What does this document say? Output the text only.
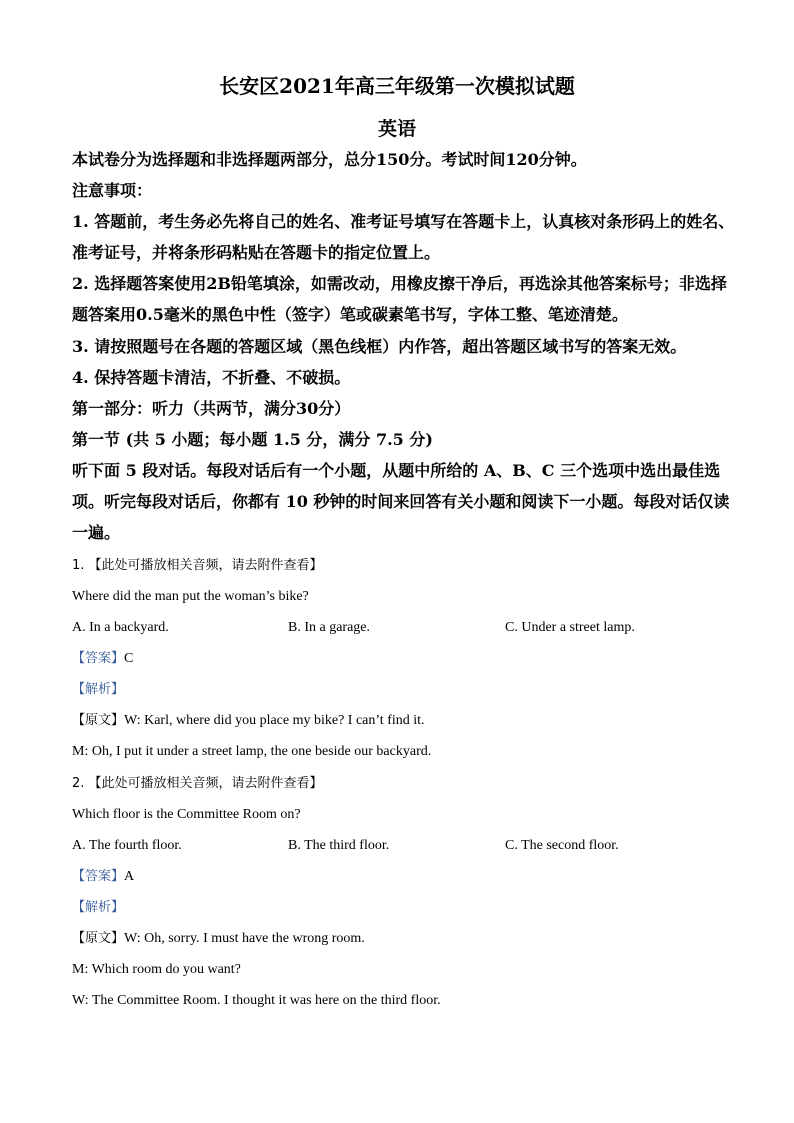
长安区2021年高三年级第一次模拟试题
英语
本试卷分为选择题和非选择题两部分，总分150分。考试时间120分钟。
注意事项：
1. 答题前，考生务必先将自己的姓名、准考证号填写在答题卡上，认真核对条形码上的姓名、
准考证号，并将条形码粘贴在答题卡的指定位置上。
2. 选择题答案使用2B铅笔填涂，如需改动，用橡皮擦干净后，再选涂其他答案标号；非选择
题答案用0.5毫米的黑色中性（签字）笔或碳素笔书写，字体工整、笔迹清楚。
3. 请按照题号在各题的答题区域（黑色线框）内作答，超出答题区域书写的答案无效。
4. 保持答题卡清洁，不折叠、不破损。
第一部分：听力（共两节，满分30分）
第一节 (共 5 小题；每小题 1.5 分，满分 7.5 分)
听下面 5 段对话。每段对话后有一个小题，从题中所给的 A、B、C 三个选项中选出最佳选
项。听完每段对话后，你都有 10 秒钟的时间来回答有关小题和阅读下一小题。每段对话仅读
一遍。
1. 【此处可播放相关音频，请去附件查看】
Where did the man put the woman’s bike?
A. In a backyard.	B. In a garage.	C. Under a street lamp.
【答案】C
【解析】
【原文】W: Karl, where did you place my bike? I can’t find it.
M: Oh, I put it under a street lamp, the one beside our backyard.
2. 【此处可播放相关音频，请去附件查看】
Which floor is the Committee Room on?
A. The fourth floor.	B. The third floor.	C. The second floor.
【答案】A
【解析】
【原文】W: Oh, sorry. I must have the wrong room.
M: Which room do you want?
W: The Committee Room. I thought it was here on the third floor.
